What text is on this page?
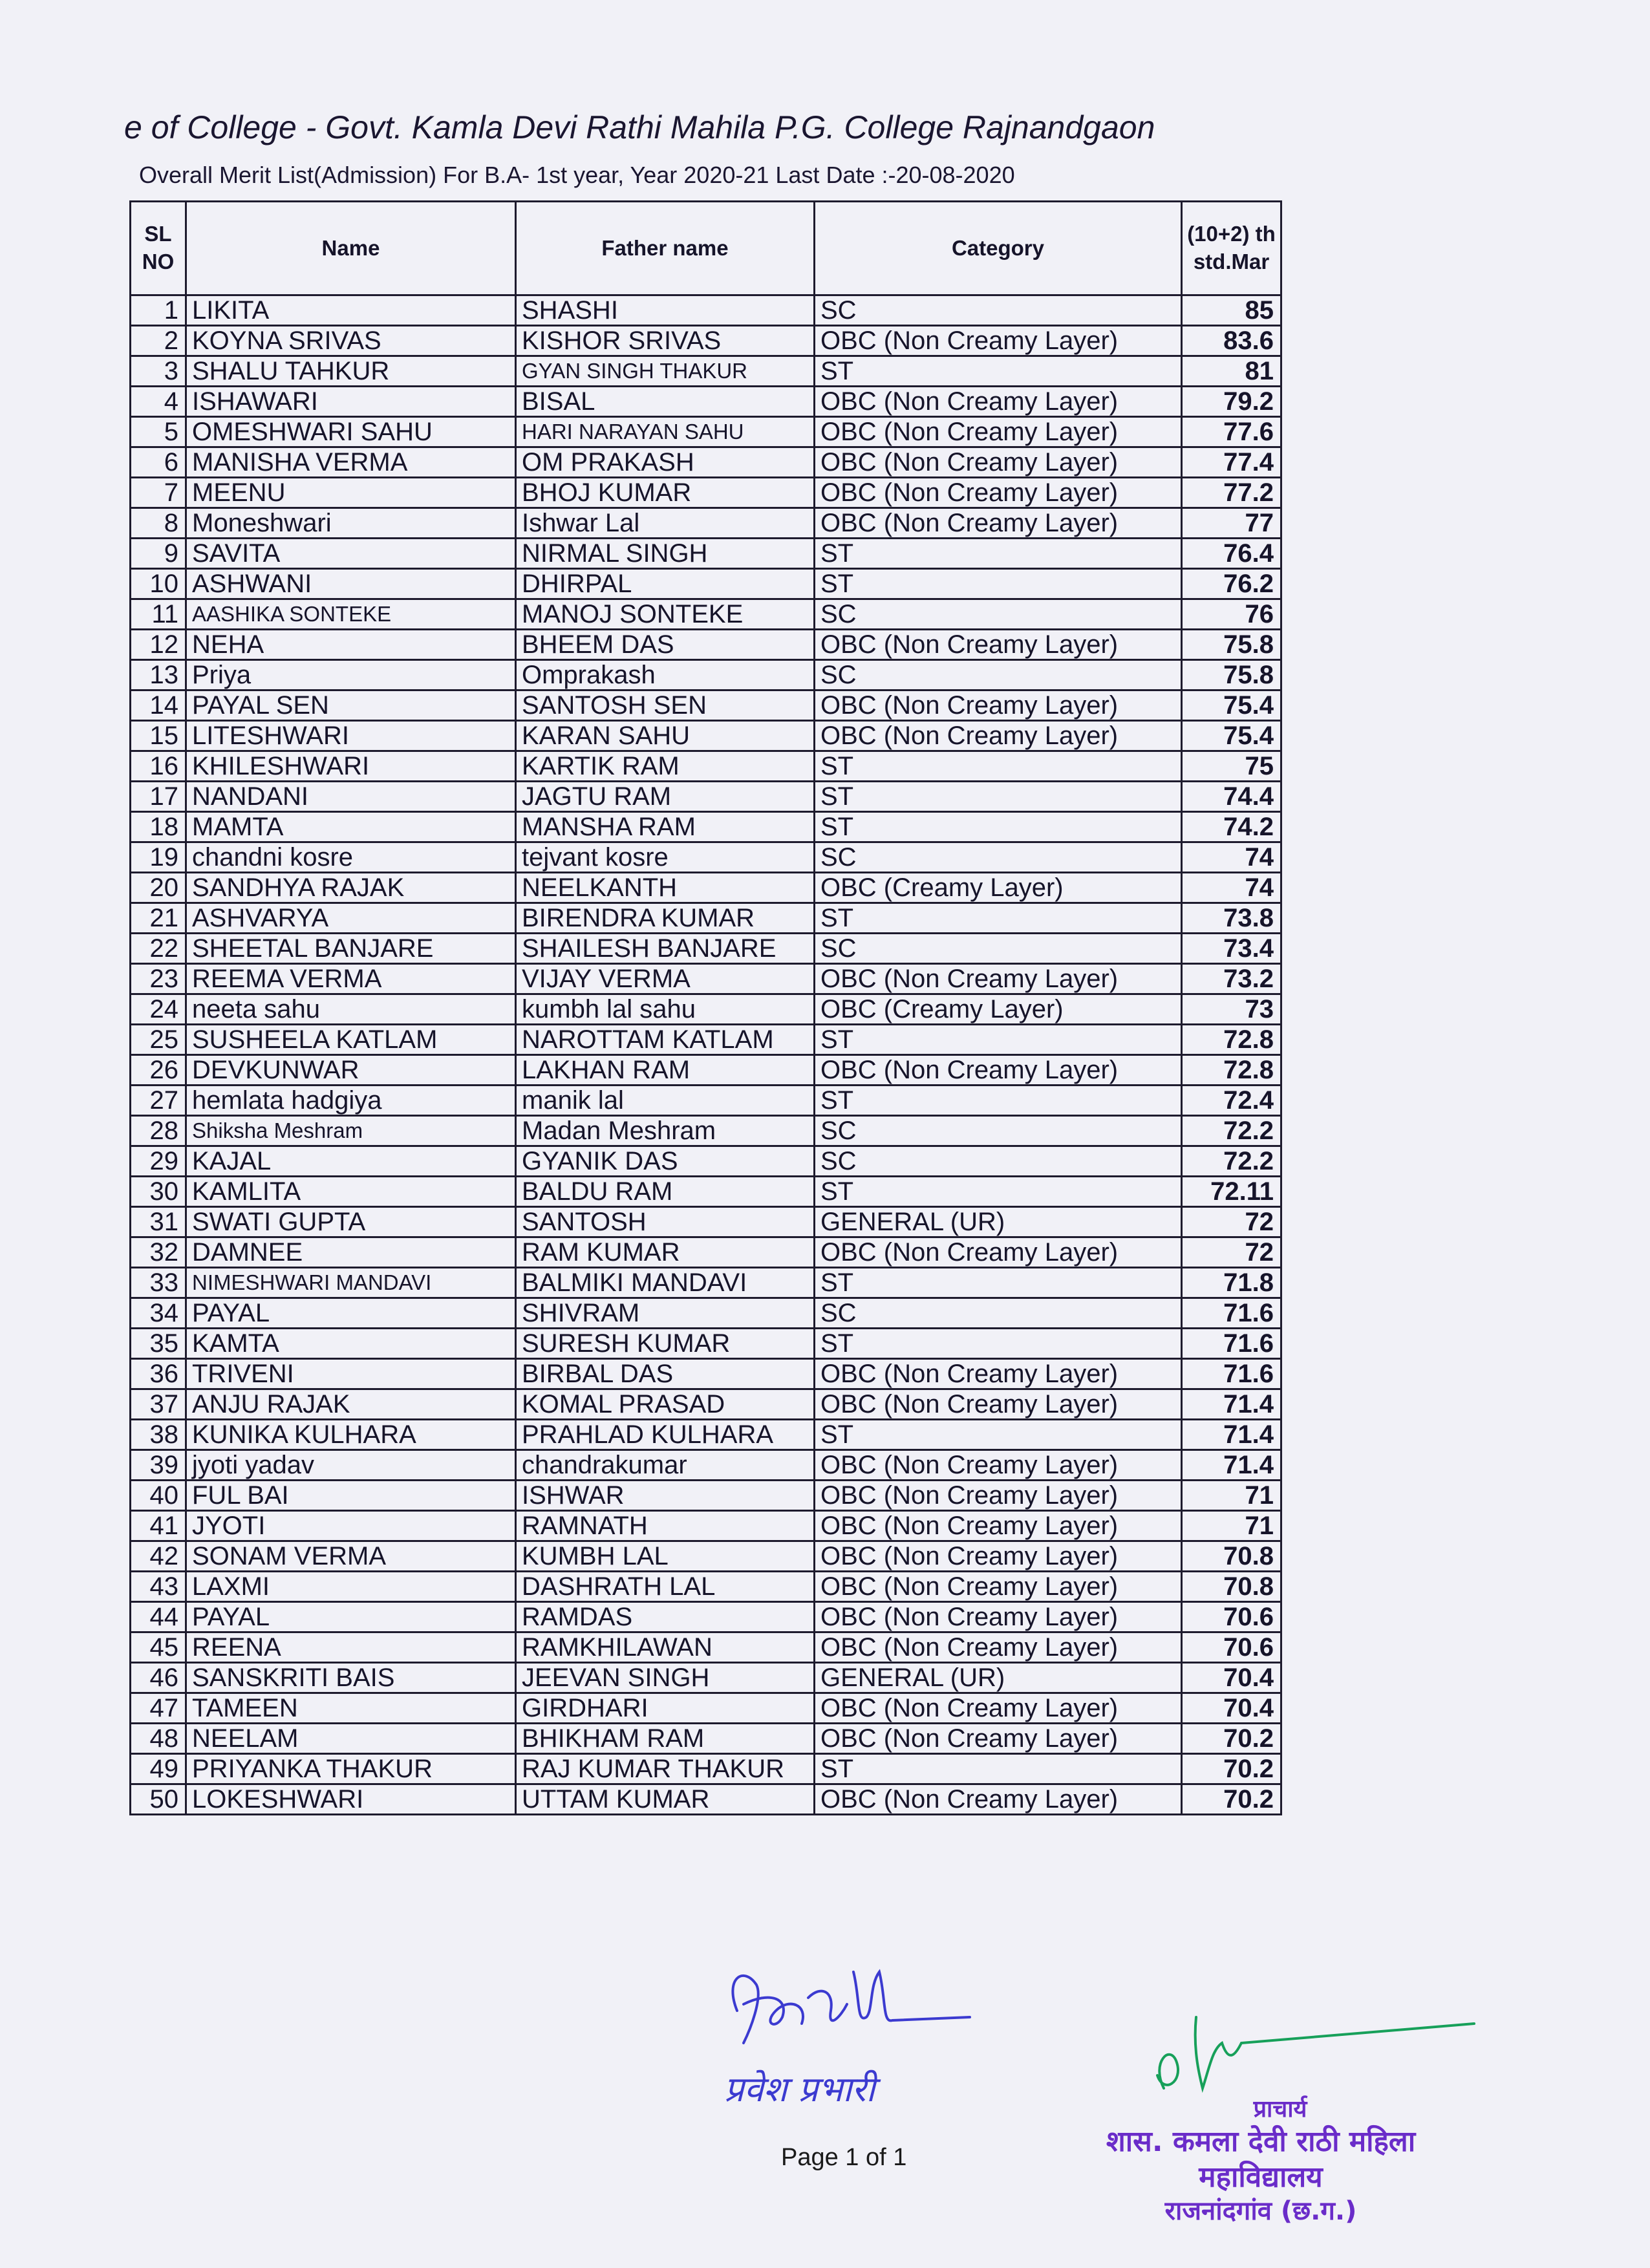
e of College - Govt. Kamla Devi Rathi Mahila P.G. College Rajnandgaon
Overall Merit List(Admission) For B.A- 1st year, Year 2020-21 Last Date :-20-08-2020
SL NO	Name	Father name	Category	(10+2) th std.Mar
1	LIKITA	SHASHI	SC	85
2	KOYNA SRIVAS	KISHOR SRIVAS	OBC (Non Creamy Layer)	83.6
3	SHALU TAHKUR	GYAN SINGH THAKUR	ST	81
4	ISHAWARI	BISAL	OBC (Non Creamy Layer)	79.2
5	OMESHWARI SAHU	HARI NARAYAN SAHU	OBC (Non Creamy Layer)	77.6
6	MANISHA VERMA	OM PRAKASH	OBC (Non Creamy Layer)	77.4
7	MEENU	BHOJ KUMAR	OBC (Non Creamy Layer)	77.2
8	Moneshwari	Ishwar Lal	OBC (Non Creamy Layer)	77
9	SAVITA	NIRMAL SINGH	ST	76.4
10	ASHWANI	DHIRPAL	ST	76.2
11	AASHIKA SONTEKE	MANOJ SONTEKE	SC	76
12	NEHA	BHEEM DAS	OBC (Non Creamy Layer)	75.8
13	Priya	Omprakash	SC	75.8
14	PAYAL SEN	SANTOSH SEN	OBC (Non Creamy Layer)	75.4
15	LITESHWARI	KARAN SAHU	OBC (Non Creamy Layer)	75.4
16	KHILESHWARI	KARTIK RAM	ST	75
17	NANDANI	JAGTU RAM	ST	74.4
18	MAMTA	MANSHA RAM	ST	74.2
19	chandni kosre	tejvant kosre	SC	74
20	SANDHYA RAJAK	NEELKANTH	OBC (Creamy Layer)	74
21	ASHVARYA	BIRENDRA KUMAR	ST	73.8
22	SHEETAL BANJARE	SHAILESH BANJARE	SC	73.4
23	REEMA VERMA	VIJAY VERMA	OBC (Non Creamy Layer)	73.2
24	neeta sahu	kumbh lal sahu	OBC (Creamy Layer)	73
25	SUSHEELA KATLAM	NAROTTAM KATLAM	ST	72.8
26	DEVKUNWAR	LAKHAN RAM	OBC (Non Creamy Layer)	72.8
27	hemlata hadgiya	manik lal	ST	72.4
28	Shiksha Meshram	Madan Meshram	SC	72.2
29	KAJAL	GYANIK DAS	SC	72.2
30	KAMLITA	BALDU RAM	ST	72.11
31	SWATI GUPTA	SANTOSH	GENERAL (UR)	72
32	DAMNEE	RAM KUMAR	OBC (Non Creamy Layer)	72
33	NIMESHWARI MANDAVI	BALMIKI MANDAVI	ST	71.8
34	PAYAL	SHIVRAM	SC	71.6
35	KAMTA	SURESH KUMAR	ST	71.6
36	TRIVENI	BIRBAL DAS	OBC (Non Creamy Layer)	71.6
37	ANJU RAJAK	KOMAL PRASAD	OBC (Non Creamy Layer)	71.4
38	KUNIKA KULHARA	PRAHLAD KULHARA	ST	71.4
39	jyoti yadav	chandrakumar	OBC (Non Creamy Layer)	71.4
40	FUL BAI	ISHWAR	OBC (Non Creamy Layer)	71
41	JYOTI	RAMNATH	OBC (Non Creamy Layer)	71
42	SONAM VERMA	KUMBH LAL	OBC (Non Creamy Layer)	70.8
43	LAXMI	DASHRATH LAL	OBC (Non Creamy Layer)	70.8
44	PAYAL	RAMDAS	OBC (Non Creamy Layer)	70.6
45	REENA	RAMKHILAWAN	OBC (Non Creamy Layer)	70.6
46	SANSKRITI BAIS	JEEVAN SINGH	GENERAL (UR)	70.4
47	TAMEEN	GIRDHARI	OBC (Non Creamy Layer)	70.4
48	NEELAM	BHIKHAM RAM	OBC (Non Creamy Layer)	70.2
49	PRIYANKA THAKUR	RAJ KUMAR THAKUR	ST	70.2
50	LOKESHWARI	UTTAM KUMAR	OBC (Non Creamy Layer)	70.2
प्रवेश प्रभारी
Page 1 of 1
प्राचार्य
शास. कमला देवी राठी महिला महाविद्यालय
राजनांदगांव (छ.ग.)
